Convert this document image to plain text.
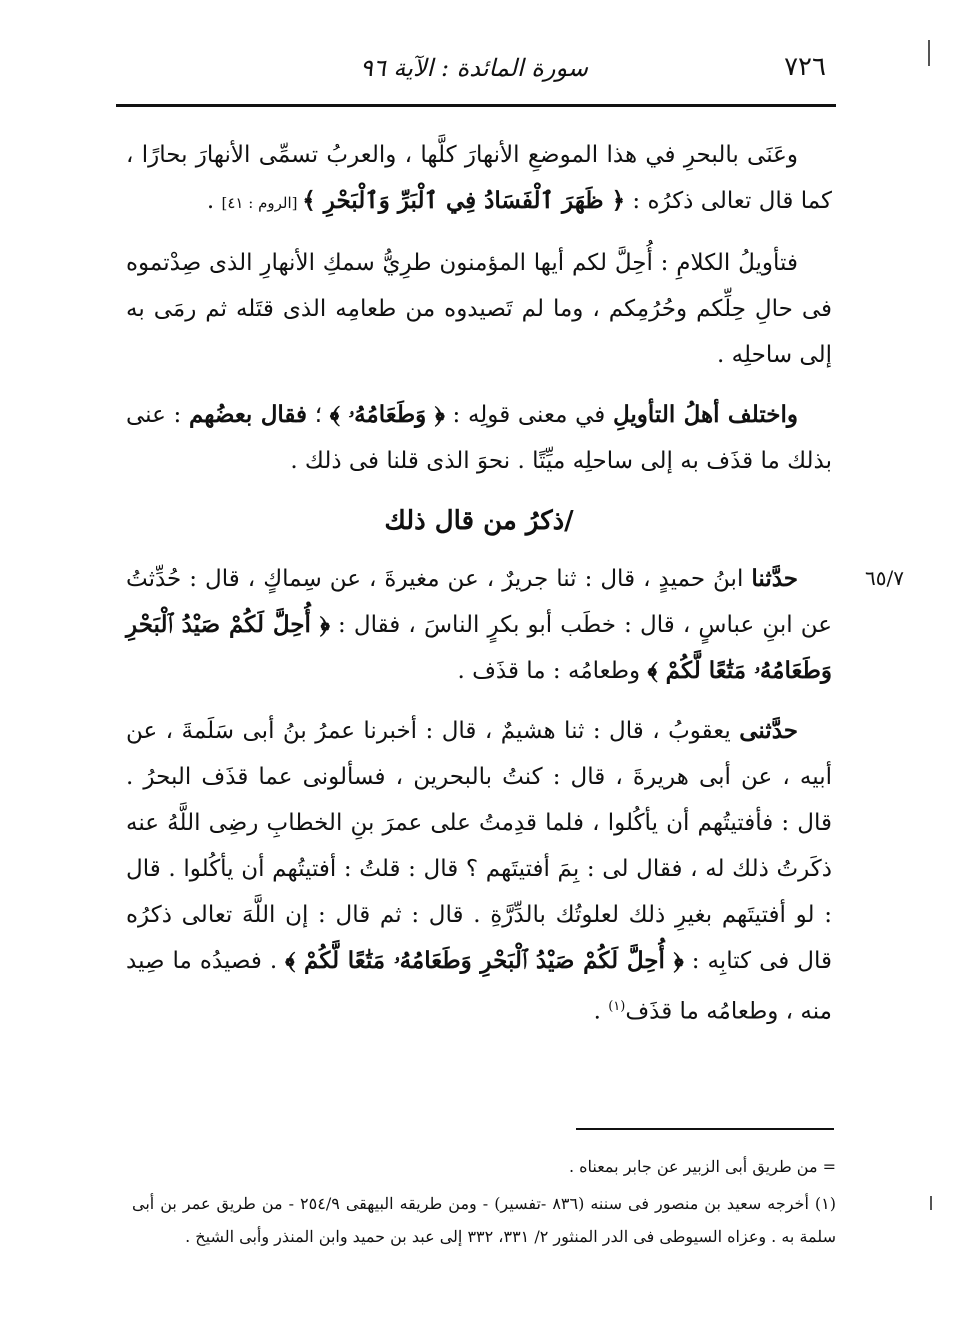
٧٢٦
سورة المائدة : الآية ٩٦

وعَنَى بالبحرِ في هذا الموضعِ الأنهارَ كلَّها ، والعربُ تسمِّى الأنهارَ بحارًا ، كما قال تعالى ذكرُه : ﴿ ظَهَرَ ٱلْفَسَادُ فِي ٱلْبَرِّ وَٱلْبَحْرِ ﴾ [الروم : ٤١] .

فتأويلُ الكلامِ : أُحِلَّ لكم أيها المؤمنون طرِيُّ سمكِ الأنهارِ الذى صِدْتموه فى حالِ حِلِّكم وحُرُمِكم ، وما لم تَصيدوه من طعامِه الذى قتَله ثم رمَى به إلى ساحلِه .

واختلف أهلُ التأويلِ في معنى قولِه : ﴿ وَطَعَامُهُۥ ﴾ ؛ فقال بعضُهم : عنى بذلك ما قذَف به إلى ساحلِه ميِّتًا . نحوَ الذى قلنا فى ذلك .

/ذكرُ من قال ذلك

حدَّثنا ابنُ حميدٍ ، قال : ثنا جريرٌ ، عن مغيرةَ ، عن سِماكٍ ، قال : حُدِّثتُ عن ابنِ عباسٍ ، قال : خطَب أبو بكرٍ الناسَ ، فقال : ﴿ أُحِلَّ لَكُمْ صَيْدُ ٱلْبَحْرِ وَطَعَامُهُۥ مَتَٰعًا لَّكُمْ ﴾ وطعامُه : ما قذَف .

حدَّثنى يعقوبُ ، قال : ثنا هشيمٌ ، قال : أخبرنا عمرُ بنُ أبى سَلَمةَ ، عن أبيه ، عن أبى هريرةَ ، قال : كنتُ بالبحرين ، فسألونى عما قذَف البحرُ . قال : فأفتيتُهم أن يأكُلوا ، فلما قدِمتُ على عمرَ بنِ الخطابِ رضِى اللَّهُ عنه ذكَرتُ ذلك له ، فقال لى : بِمَ أفتيتَهم ؟ قال : قلتُ : أفتيتُهم أن يأكُلوا . قال : لو أفتيتَهم بغيرِ ذلك لعلوتُك بالدِّرَّةِ . قال : ثم قال : إن اللَّهَ تعالى ذكرُه قال فى كتابِه : ﴿ أُحِلَّ لَكُمْ صَيْدُ ٱلْبَحْرِ وَطَعَامُهُۥ مَتَٰعًا لَّكُمْ ﴾ . فصيدُه ما صِيد منه ، وطعامُه ما قذَف$^{(١)}$ .

٦٥/٧

= من طريق أبى الزبير عن جابر بمعناه .

(١) أخرجه سعيد بن منصور فى سننه (٨٣٦ -تفسير) - ومن طريقه البيهقى ٢٥٤/٩ - من طريق عمر بن أبى سلمة به . وعزاه السيوطى فى الدر المنثور ٢/ ٣٣١، ٣٣٢ إلى عبد بن حميد وابن المنذر وأبى الشيخ .
